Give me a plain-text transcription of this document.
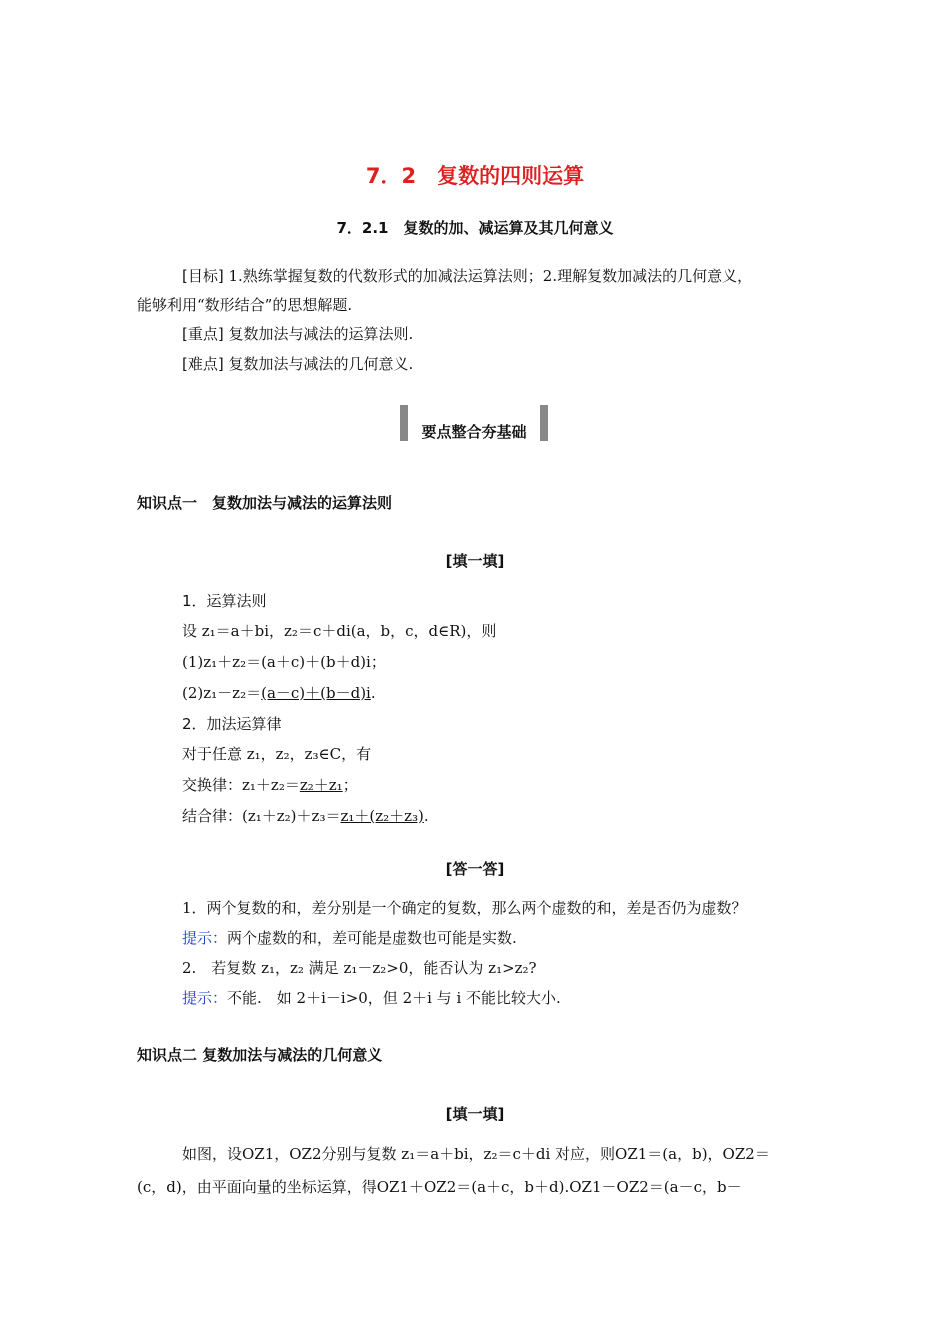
7．2　复数的四则运算
7．2.1　复数的加、减运算及其几何意义
[目标] 1.熟练掌握复数的代数形式的加减法运算法则；2.理解复数加减法的几何意义，
能够利用“数形结合”的思想解题.
[重点] 复数加法与减法的运算法则.
[难点] 复数加法与减法的几何意义.
要点整合夯基础
知识点一　复数加法与减法的运算法则
[填一填]
1．运算法则
设 z₁＝a＋bi，z₂＝c＋di(a，b，c，d∈R)，则
(1)z₁＋z₂＝(a＋c)＋(b＋d)i；
(2)z₁－z₂＝(a－c)＋(b－d)i.
2．加法运算律
对于任意 z₁，z₂，z₃∈C，有
交换律：z₁＋z₂＝z₂＋z₁；
结合律：(z₁＋z₂)＋z₃＝z₁＋(z₂＋z₃).
[答一答]
1．两个复数的和，差分别是一个确定的复数，那么两个虚数的和，差是否仍为虚数？
提示：两个虚数的和，差可能是虚数也可能是实数.
2.　若复数 z₁，z₂ 满足 z₁－z₂>0，能否认为 z₁>z₂?
提示：不能.　如 2＋i－i>0，但 2＋i 与 i 不能比较大小.
知识点二 复数加法与减法的几何意义
[填一填]
如图，设OZ1，OZ2分别与复数 z₁＝a＋bi，z₂＝c＋di 对应，则OZ1＝(a，b)，OZ2＝
(c，d)，由平面向量的坐标运算，得OZ1＋OZ2＝(a＋c，b＋d).OZ1－OZ2＝(a－c，b－
